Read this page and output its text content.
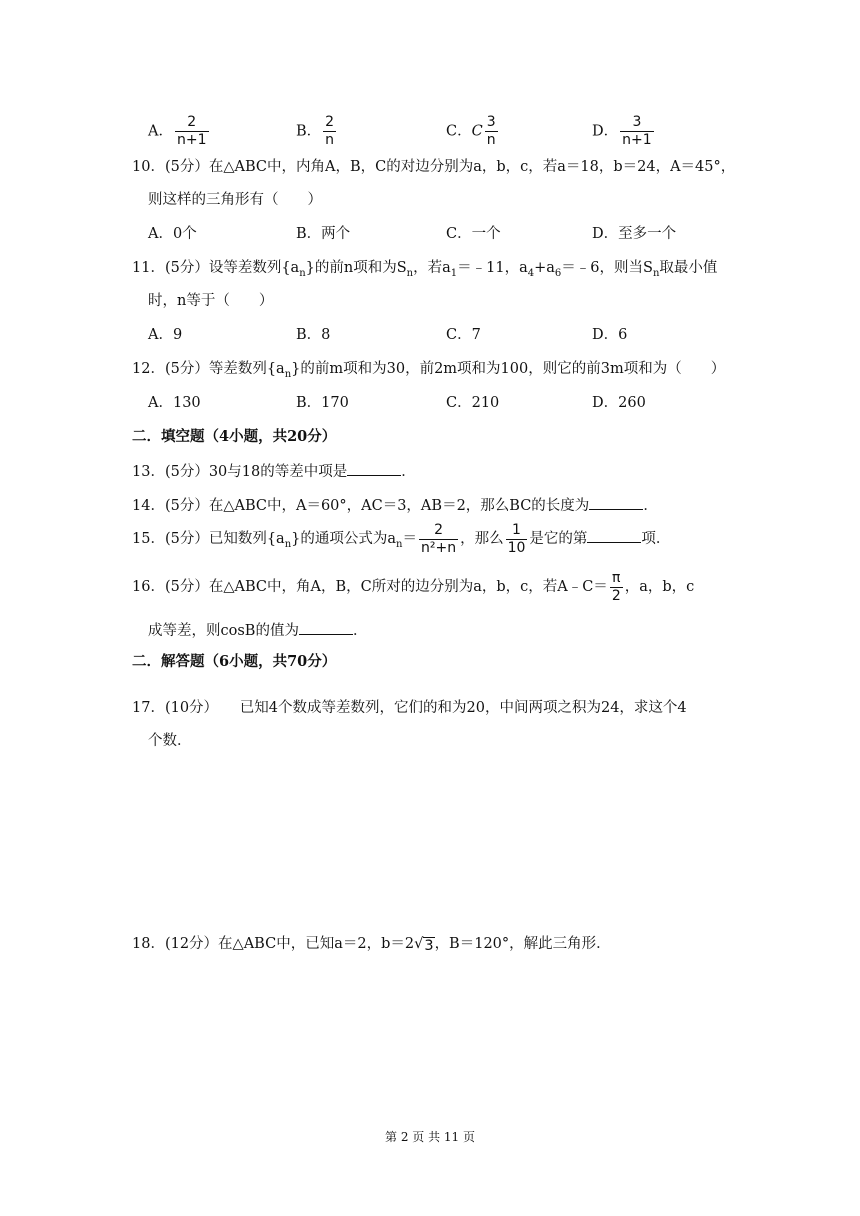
A． $\frac{2}{n+1}$	B． $\frac{2}{n}$	C．C $\frac{3}{n}$	D． $\frac{3}{n+1}$
10．(5分）在△ABC中，内角A，B，C的对边分别为a，b，c，若a＝18，b＝24，A＝45°，
则这样的三角形有（　　）
A．0个	B．两个	C．一个	D．至多一个
11．(5分）设等差数列$\{a_n\}$的前n项和为$S_n$，若$a_1=﹣11$，$a_4+a_6=﹣6$，则当$S_n$取最小值
时，n等于（　　）
A．9	B．8	C．7	D．6
12．(5分）等差数列$\{a_n\}$的前m项和为30，前2m项和为100，则它的前3m项和为（　　）
A．130	B．170	C．210	D．260
二．填空题（4小题，共20分）
13．(5分）30与18的等差中项是	．
14．(5分）在△ABC中，A＝60°，AC＝3，AB＝2，那么BC的长度为	．
15．(5分）已知数列$\{a_n\}$的通项公式为$a_n= \frac{2}{\text{n²+n}}$ ，那么 $\frac{1}{10}$ 是它的第	项．
16．(5分）在△ABC中，角A，B，C所对的边分别为a，b，c，若A﹣C＝ $\frac{\pi}{2}$ ，a，b，c
成等差，则cosB的值为	．
二．解答题（6小题，共70分）
17．(10分）　　已知4个数成等差数列，它们的和为20，中间两项之积为24，求这个4
个数．
18．(12分）在△ABC中，已知a＝2，b＝2 √ 3 ，B＝120°，解此三角形．
第 2 页 共 11 页
